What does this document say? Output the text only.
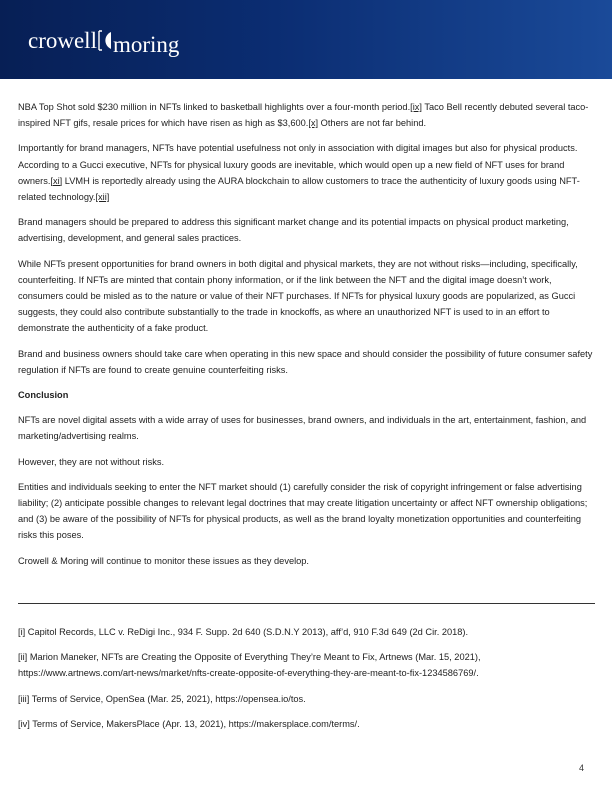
crowell moring

NBA Top Shot sold $230 million in NFTs linked to basketball highlights over a four-month period.[ix] Taco Bell recently debuted several taco-inspired NFT gifs, resale prices for which have risen as high as $3,600.[x] Others are not far behind.

Importantly for brand managers, NFTs have potential usefulness not only in association with digital images but also for physical products. According to a Gucci executive, NFTs for physical luxury goods are inevitable, which would open up a new field of NFT uses for brand owners.[xi] LVMH is reportedly already using the AURA blockchain to allow customers to trace the authenticity of luxury goods using NFT-related technology.[xii]

Brand managers should be prepared to address this significant market change and its potential impacts on physical product marketing, advertising, development, and general sales practices.

While NFTs present opportunities for brand owners in both digital and physical markets, they are not without risks—including, specifically, counterfeiting. If NFTs are minted that contain phony information, or if the link between the NFT and the digital image doesn’t work, consumers could be misled as to the nature or value of their NFT purchases. If NFTs for physical luxury goods are popularized, as Gucci suggests, they could also contribute substantially to the trade in knockoffs, as where an unauthorized NFT is used to in an effort to demonstrate the authenticity of a fake product.

Brand and business owners should take care when operating in this new space and should consider the possibility of future consumer safety regulation if NFTs are found to create genuine counterfeiting risks.

Conclusion

NFTs are novel digital assets with a wide array of uses for businesses, brand owners, and individuals in the art, entertainment, fashion, and marketing/advertising realms.

However, they are not without risks.

Entities and individuals seeking to enter the NFT market should (1) carefully consider the risk of copyright infringement or false advertising liability; (2) anticipate possible changes to relevant legal doctrines that may create litigation uncertainty or affect NFT ownership obligations; and (3) be aware of the possibility of NFTs for physical products, as well as the brand loyalty monetization opportunities and counterfeiting risks this poses.

Crowell & Moring will continue to monitor these issues as they develop.

[i] Capitol Records, LLC v. ReDigi Inc., 934 F. Supp. 2d 640 (S.D.N.Y 2013), aff’d, 910 F.3d 649 (2d Cir. 2018).

[ii] Marion Maneker, NFTs are Creating the Opposite of Everything They’re Meant to Fix, Artnews (Mar. 15, 2021), https://www.artnews.com/art-news/market/nfts-create-opposite-of-everything-they-are-meant-to-fix-1234586769/.

[iii] Terms of Service, OpenSea (Mar. 25, 2021), https://opensea.io/tos.

[iv] Terms of Service, MakersPlace (Apr. 13, 2021), https://makersplace.com/terms/.

4
